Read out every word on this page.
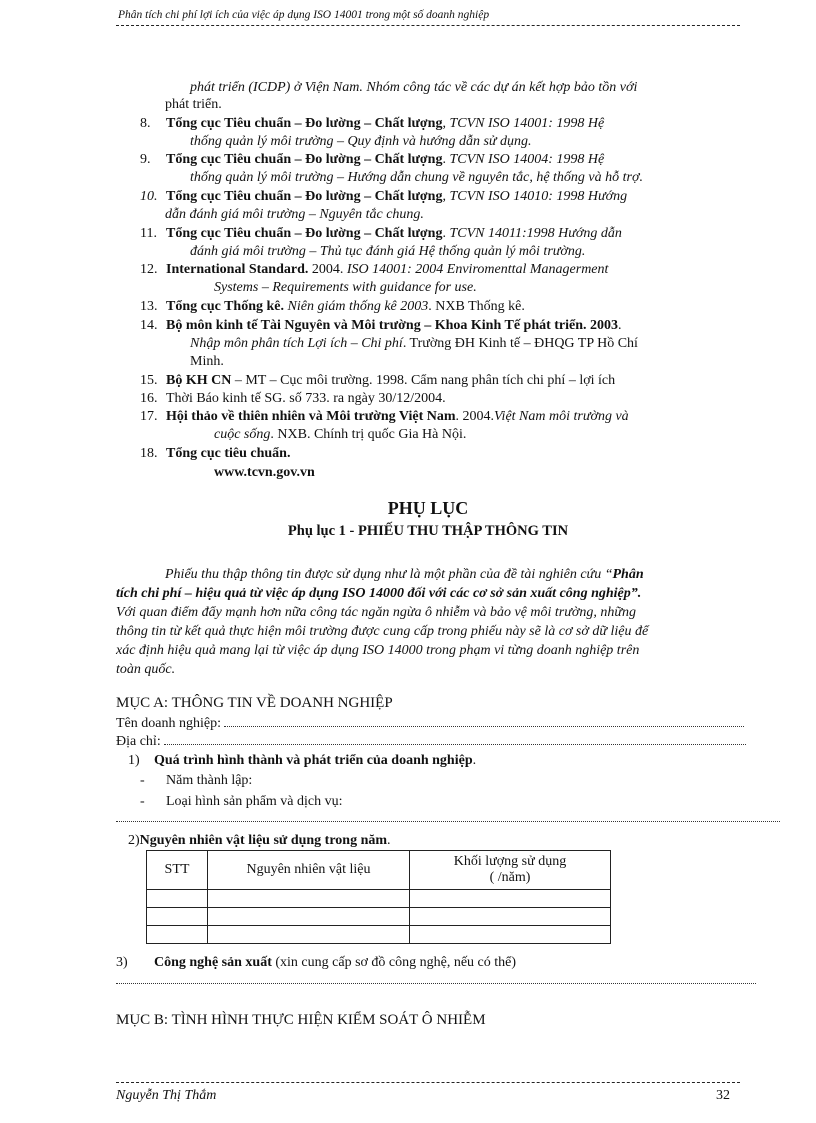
Phân tích chi phí lợi ích của việc áp dụng ISO 14001 trong một số doanh nghiệp
phát triển (ICDP) ở Viện Nam. Nhóm công tác về các dự án kết hợp bảo tồn với
phát triển.
8. Tổng cục Tiêu chuẩn – Đo lường – Chất lượng, TCVN ISO 14001: 1998 Hệ
thống quản lý môi trường – Quy định và hướng dẫn sử dụng.
9. Tổng cục Tiêu chuẩn – Đo lường – Chất lượng. TCVN ISO 14004: 1998 Hệ
thống quản lý môi trường – Hướng dẫn chung về nguyên tắc, hệ thống và hỗ trợ.
10. Tổng cục Tiêu chuẩn – Đo lường – Chất lượng, TCVN ISO 14010: 1998 Hướng
dẫn đánh giá môi trường – Nguyên tắc chung.
11. Tổng cục Tiêu chuẩn – Đo lường – Chất lượng. TCVN 14011:1998 Hướng dẫn
đánh giá môi trường – Thủ tục đánh giá Hệ thống quản lý môi trường.
12. International Standard. 2004. ISO 14001: 2004 Enviromenttal Managerment
Systems – Requirements with guidance for use.
13. Tổng cục Thống kê. Niên giám thống kê 2003. NXB Thống kê.
14. Bộ môn kinh tế Tài Nguyên và Môi trường – Khoa Kinh Tế phát triển. 2003.
Nhập môn phân tích Lợi ích – Chi phí. Trường ĐH Kinh tế – ĐHQG TP Hồ Chí
Minh.
15. Bộ KH CN – MT – Cục môi trường. 1998. Cẩm nang phân tích chi phí – lợi ích
16. Thời Báo kinh tế SG. số 733. ra ngày 30/12/2004.
17. Hội thảo về thiên nhiên và Môi trường Việt Nam. 2004.Việt Nam môi trường và
cuộc sống. NXB. Chính trị quốc Gia Hà Nội.
18. Tổng cục tiêu chuẩn.
www.tcvn.gov.vn
PHỤ LỤC
Phụ lục 1 - PHIẾU THU THẬP THÔNG TIN
Phiếu thu thập thông tin được sử dụng như là một phần của đề tài nghiên cứu “Phân
tích chi phí – hiệu quả từ việc áp dụng ISO 14000 đối với các cơ sở sản xuất công nghiệp”.
Với quan điểm đẩy mạnh hơn nữa công tác ngăn ngừa ô nhiễm và bảo vệ môi trường, những
thông tin từ kết quả thực hiện môi trường được cung cấp trong phiếu này sẽ là cơ sở dữ liệu để
xác định hiệu quả mang lại từ việc áp dụng ISO 14000 trong phạm vi từng doanh nghiệp trên
toàn quốc.
MỤC A: THÔNG TIN VỀ DOANH NGHIỆP
Tên doanh nghiệp:
Địa chỉ:
1) Quá trình hình thành và phát triển của doanh nghiệp.
- Năm thành lập:
- Loại hình sản phẩm và dịch vụ:
2)Nguyên nhiên vật liệu sử dụng trong năm.
STT	Nguyên nhiên vật liệu	Khối lượng sử dụng
( /năm)

3) Công nghệ sản xuất (xin cung cấp sơ đồ công nghệ, nếu có thể)
MỤC B: TÌNH HÌNH THỰC HIỆN KIỂM SOÁT Ô NHIỄM
Nguyễn Thị Thắm	32
